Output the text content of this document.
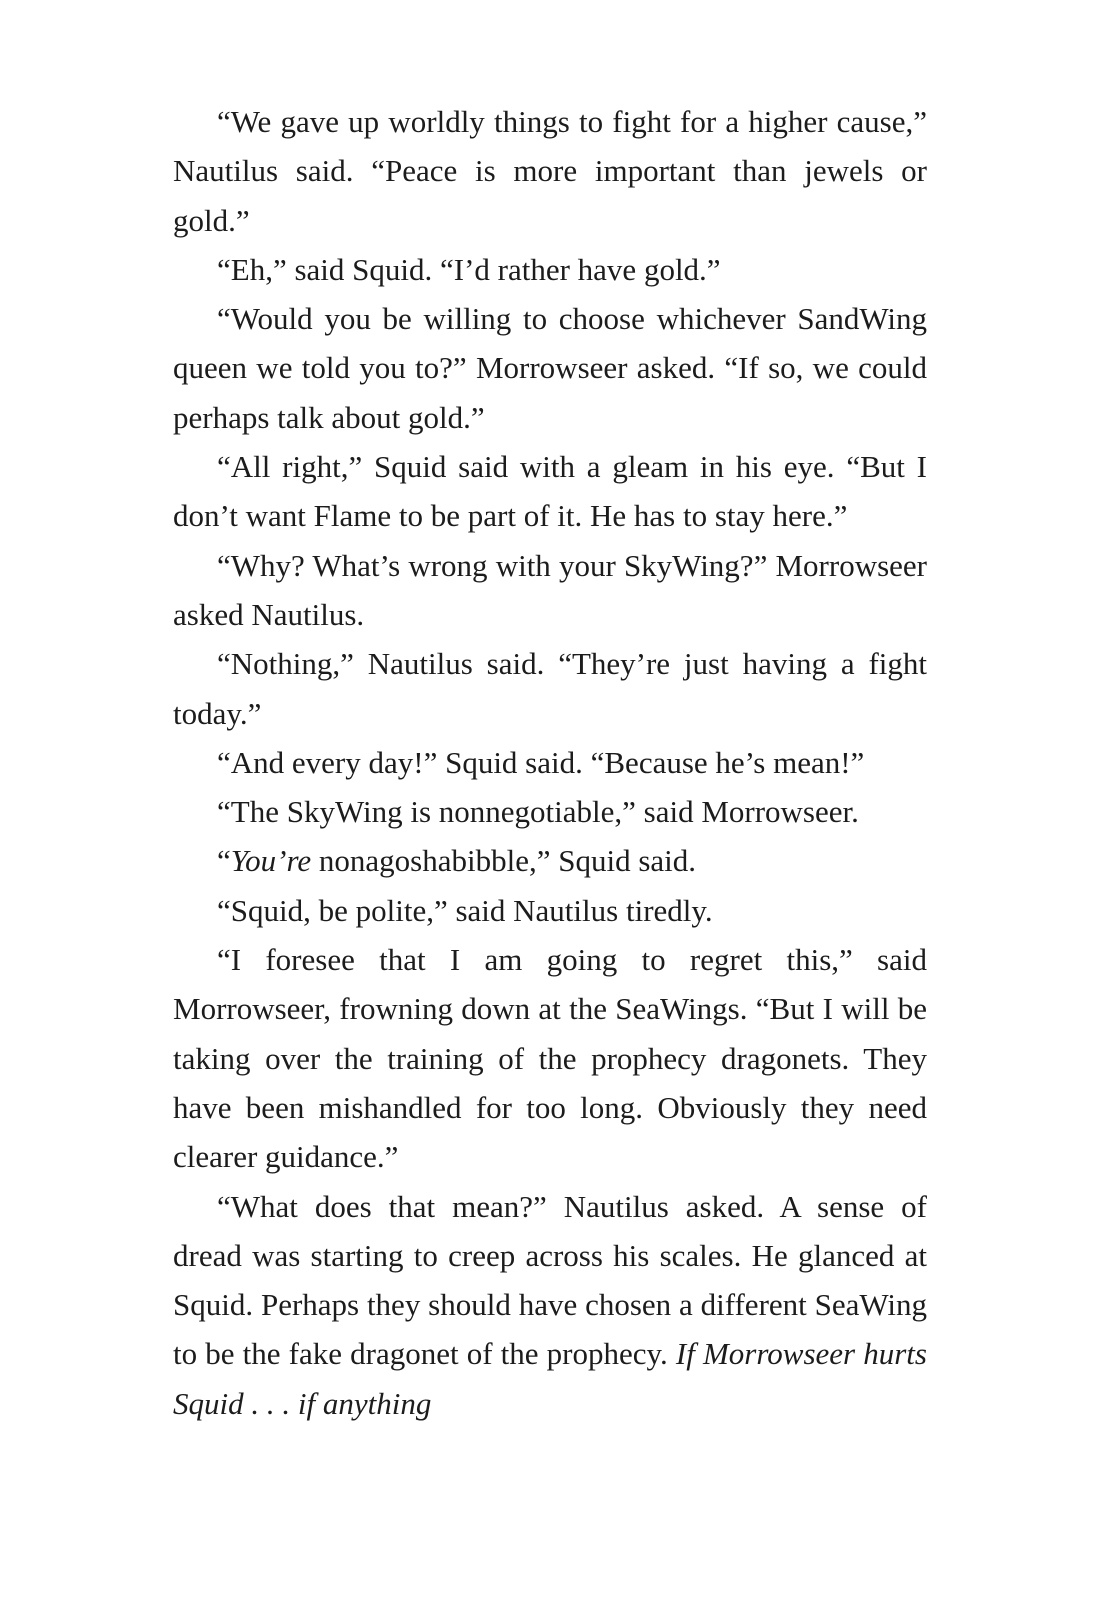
“We gave up worldly things to fight for a higher cause,” Nautilus said. “Peace is more important than jewels or gold.”

“Eh,” said Squid. “I’d rather have gold.”

“Would you be willing to choose whichever SandWing queen we told you to?” Morrowseer asked. “If so, we could perhaps talk about gold.”

“All right,” Squid said with a gleam in his eye. “But I don’t want Flame to be part of it. He has to stay here.”

“Why? What’s wrong with your SkyWing?” Morrowseer asked Nautilus.

“Nothing,” Nautilus said. “They’re just having a fight today.”

“And every day!” Squid said. “Because he’s mean!”

“The SkyWing is nonnegotiable,” said Morrowseer.

“You’re nonagoshabibble,” Squid said.

“Squid, be polite,” said Nautilus tiredly.

“I foresee that I am going to regret this,” said Morrowseer, frowning down at the SeaWings. “But I will be taking over the training of the prophecy dragonets. They have been mishandled for too long. Obviously they need clearer guidance.”

“What does that mean?” Nautilus asked. A sense of dread was starting to creep across his scales. He glanced at Squid. Perhaps they should have chosen a different SeaWing to be the fake dragonet of the prophecy. If Morrowseer hurts Squid . . . if anything
